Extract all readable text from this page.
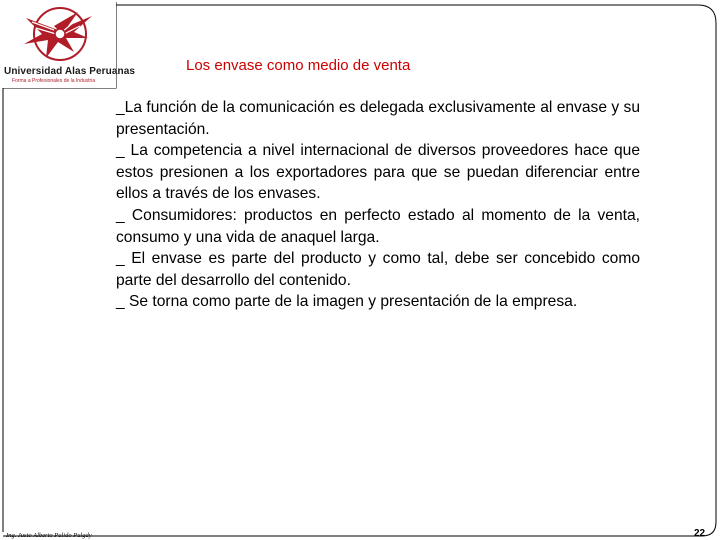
Universidad Alas Peruanas
Forma a Profesionales de la Industria
Los envase como medio de venta

_La función de la comunicación es delegada exclusivamente al envase y su presentación.

_ La competencia a nivel internacional de diversos proveedores hace que estos presionen a los exportadores para que se puedan diferenciar entre ellos a través de los envases.

_ Consumidores: productos en perfecto estado al momento de la venta, consumo y una vida de anaquel larga.

_ El envase es parte del producto y como tal, debe ser concebido como parte del desarrollo del contenido.

_ Se torna como parte de la imagen y presentación de la empresa.

Ing. Justo Alberto Pulido Pulgdy	22
